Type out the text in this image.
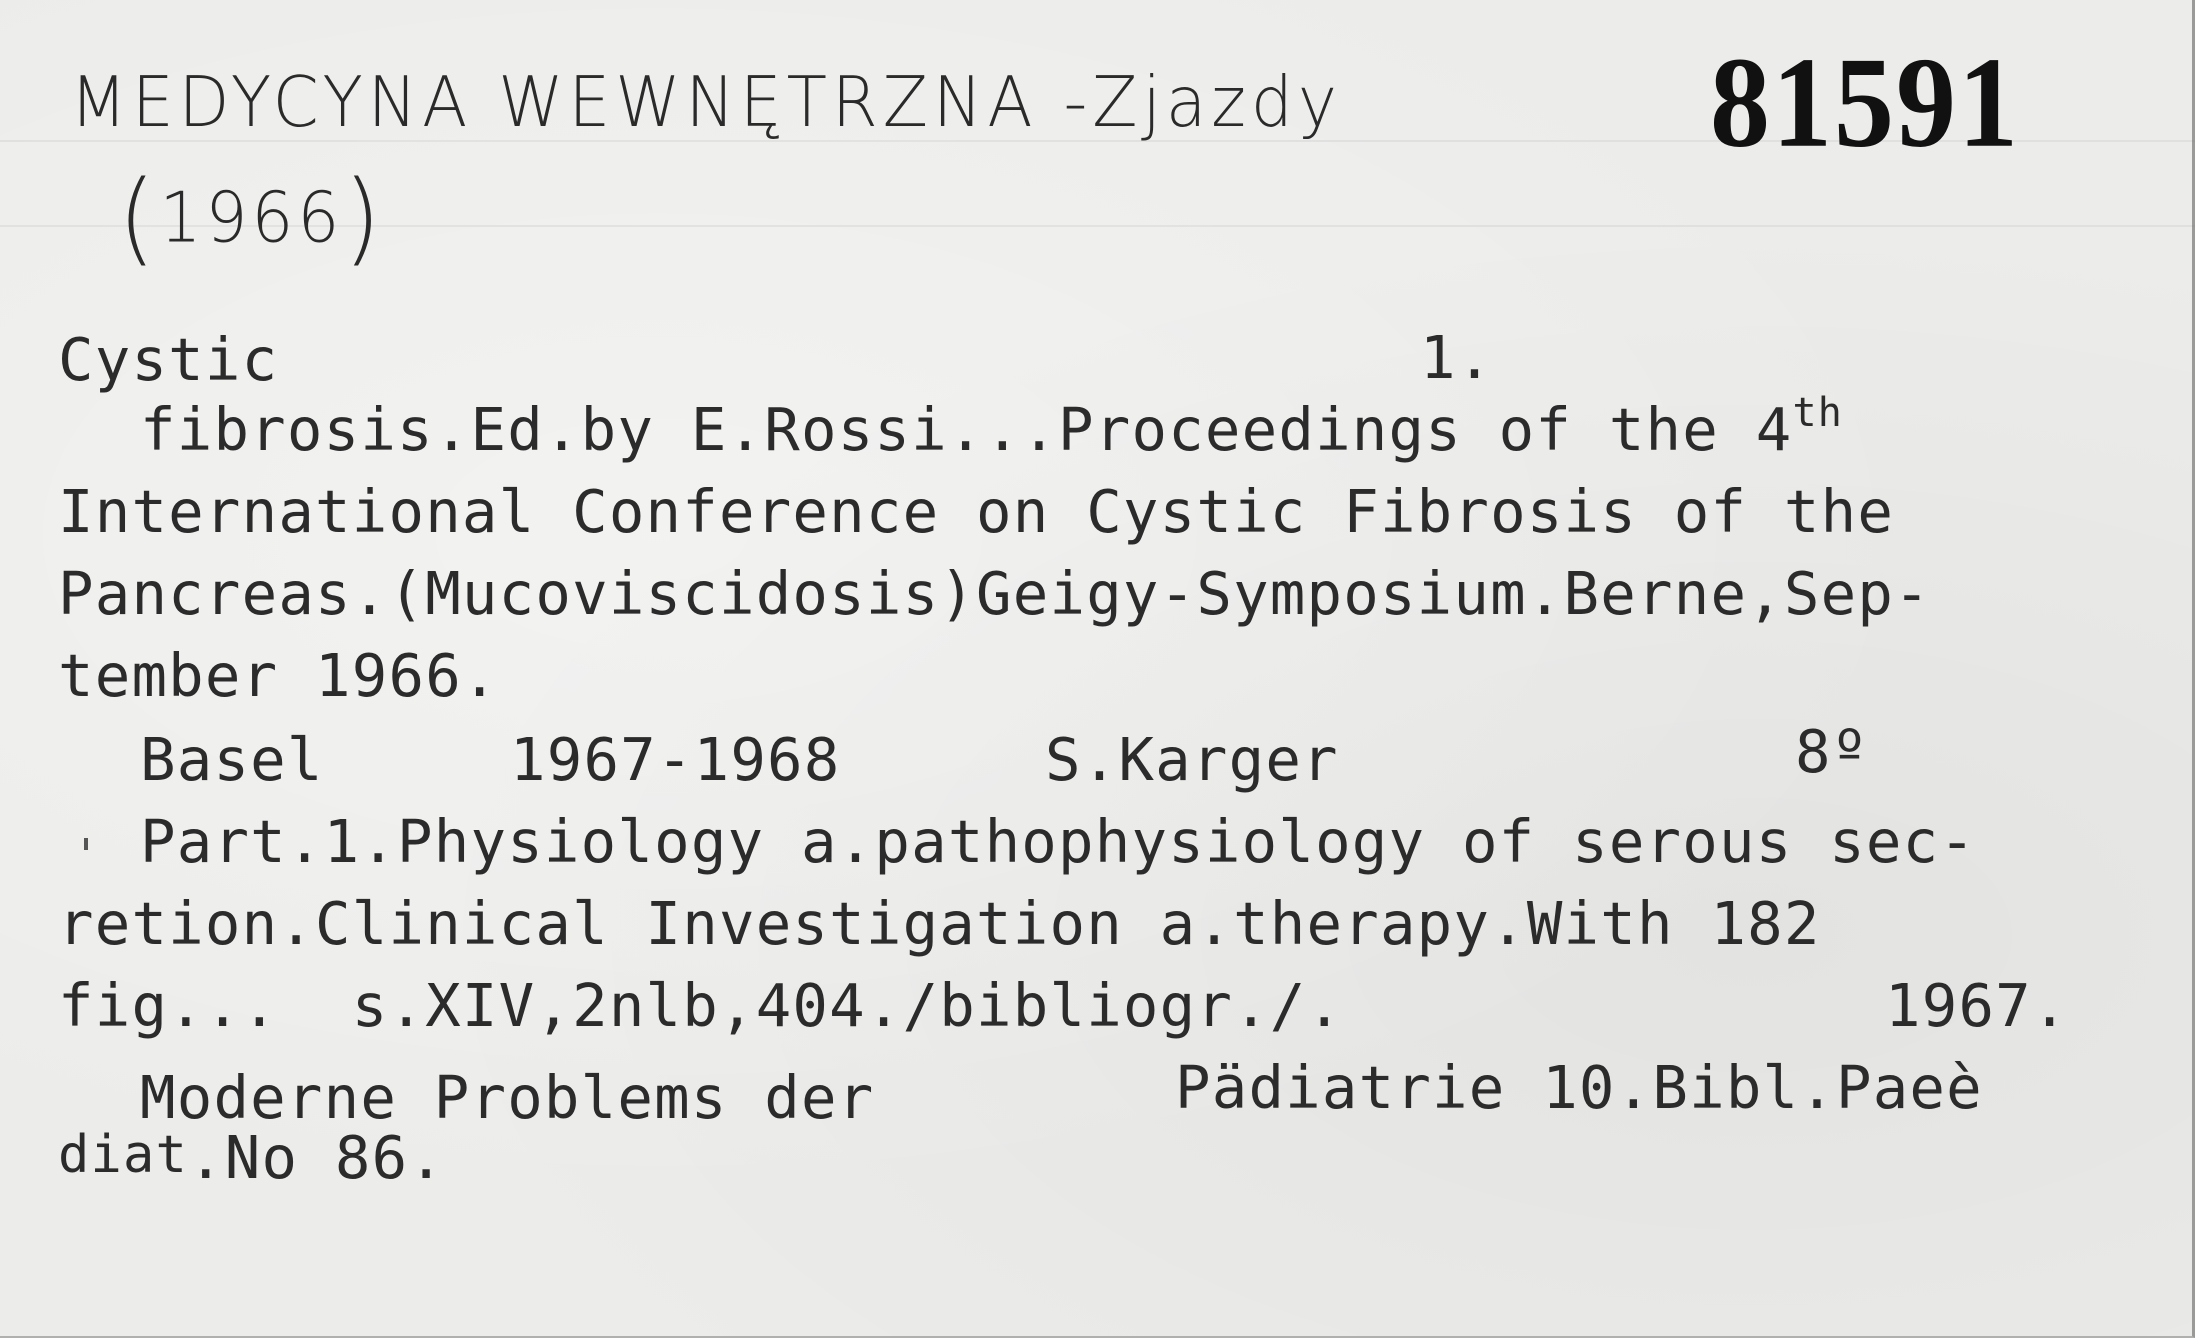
MEDYCYNA WEWNĘTRZNA -Zjazdy
(1966)
81591
Cystic	1.
fibrosis.Ed.by E.Rossi...Proceedings of the 4th
International Conference on Cystic Fibrosis of the
Pancreas.(Mucoviscidosis)Geigy-Symposium.Berne,Sep-
tember 1966.
Basel	1967-1968	S.Karger	8º
Part.1.Physiology a.pathophysiology of serous sec-
retion.Clinical Investigation a.therapy.With 182
fig...  s.XIV,2nlb,404./bibliogr./.	1967.
Moderne Problems der	Pädiatrie 10.Bibl.Paeè
diat.No 86.
